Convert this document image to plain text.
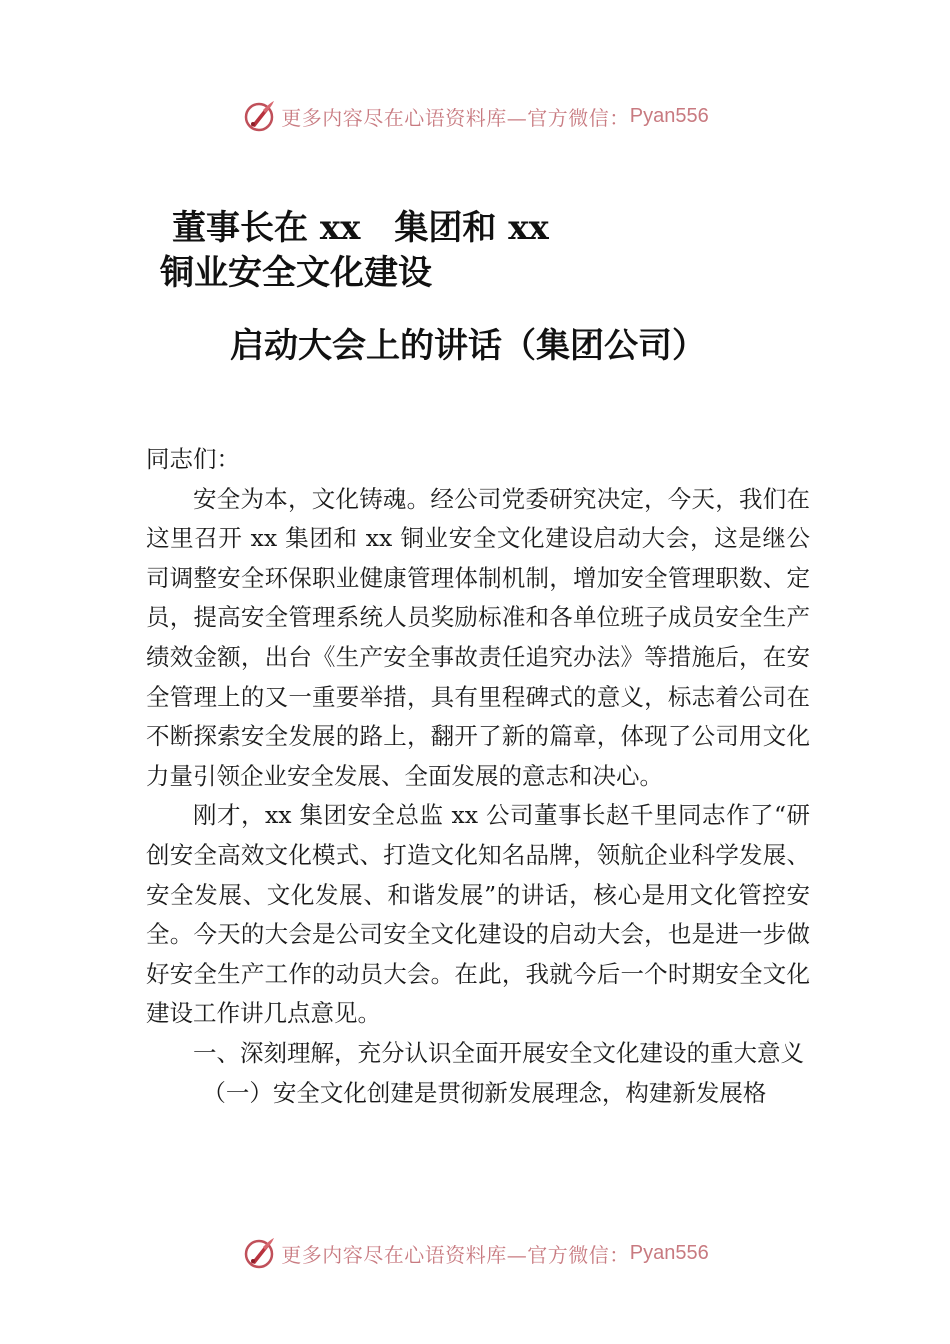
更多内容尽在心语资料库—官方微信： Pyan556
董事长在 xx　集团和 xx
铜业安全文化建设
启动大会上的讲话（集团公司）

同志们：

安全为本，文化铸魂。经公司党委研究决定，今天，我们在这里召开 xx 集团和 xx 铜业安全文化建设启动大会，这是继公司调整安全环保职业健康管理体制机制，增加安全管理职数、定员，提高安全管理系统人员奖励标准和各单位班子成员安全生产绩效金额，出台《生产安全事故责任追究办法》等措施后，在安全管理上的又一重要举措，具有里程碑式的意义，标志着公司在不断探索安全发展的路上，翻开了新的篇章，体现了公司用文化力量引领企业安全发展、全面发展的意志和决心。

刚才，xx 集团安全总监 xx 公司董事长赵千里同志作了“研创安全高效文化模式、打造文化知名品牌，领航企业科学发展、安全发展、文化发展、和谐发展”的讲话，核心是用文化管控安全。今天的大会是公司安全文化建设的启动大会，也是进一步做好安全生产工作的动员大会。在此，我就今后一个时期安全文化建设工作讲几点意见。

一、深刻理解，充分认识全面开展安全文化建设的重大意义

（一）安全文化创建是贯彻新发展理念，构建新发展格

更多内容尽在心语资料库—官方微信： Pyan556
